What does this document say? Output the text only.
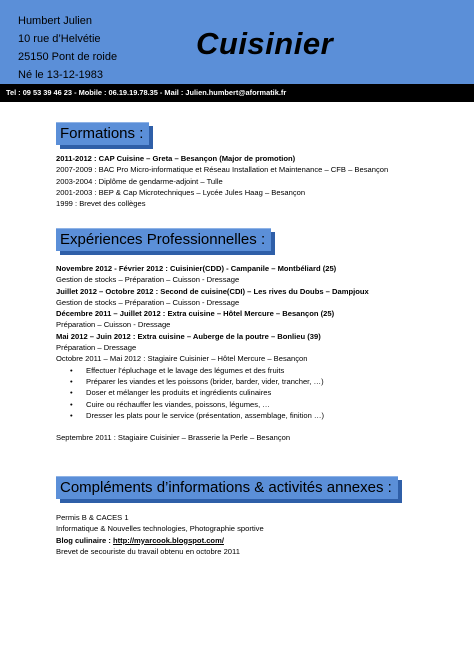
Humbert Julien
10 rue d’Helvétie
25150 Pont de roide
Né le 13-12-1983
Cuisinier
Tel : 09 53 39 46 23 - Mobile : 06.19.19.78.35 - Mail : Julien.humbert@aformatik.fr
Formations :
2011-2012 : CAP Cuisine – Greta – Besançon (Major de promotion)
2007-2009 : BAC Pro Micro-informatique et Réseau Installation et Maintenance – CFB – Besançon
2003-2004 : Diplôme de gendarme-adjoint – Tulle
2001-2003 : BEP & Cap Microtechniques – Lycée Jules Haag – Besançon
1999 : Brevet des collèges
Expériences Professionnelles :
Novembre 2012 - Février 2012 : Cuisinier(CDD) - Campanile – Montbéliard (25)
Gestion de stocks – Préparation – Cuisson - Dressage
Juillet 2012 – Octobre 2012 : Second de cuisine(CDI) – Les rives du Doubs – Dampjoux
Gestion de stocks – Préparation – Cuisson - Dressage
Décembre 2011 – Juillet 2012 : Extra cuisine – Hôtel Mercure – Besançon (25)
Préparation – Cuisson - Dressage
Mai 2012 – Juin 2012 : Extra cuisine – Auberge de la poutre – Bonlieu (39)
Préparation – Dressage
Octobre 2011 – Mai 2012 : Stagiaire Cuisinier – Hôtel Mercure – Besançon
• Effectuer l’épluchage et le lavage des légumes et des fruits
• Préparer les viandes et les poissons (brider, barder, vider, trancher, …)
• Doser et mélanger les produits et ingrédients culinaires
• Cuire ou réchauffer les viandes, poissons, légumes, …
• Dresser les plats pour le service (présentation, assemblage, finition …)
Septembre 2011 : Stagiaire Cuisinier – Brasserie la Perle – Besançon
Compléments d’informations & activités annexes :
Permis B & CACES 1
Informatique & Nouvelles technologies, Photographie sportive
Blog culinaire : http://myarcook.blogspot.com/
Brevet de secouriste du travail obtenu en octobre 2011
